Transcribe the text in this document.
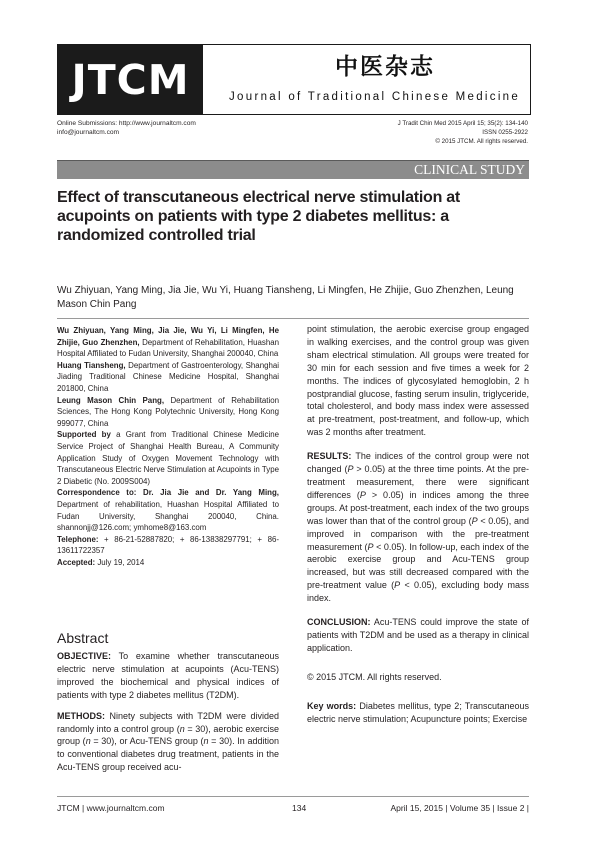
JTCM	中医杂志
Journal of Traditional Chinese Medicine
Online Submissions: http://www.journaltcm.com
info@journaltcm.com
J Tradit Chin Med 2015 April 15; 35(2): 134-140
ISSN 0255-2922
© 2015 JTCM. All rights reserved.
CLINICAL STUDY
Effect of transcutaneous electrical nerve stimulation at acupoints on patients with type 2 diabetes mellitus: a randomized controlled trial
Wu Zhiyuan, Yang Ming, Jia Jie, Wu Yi, Huang Tiansheng, Li Mingfen, He Zhijie, Guo Zhenzhen, Leung Mason Chin Pang

Wu Zhiyuan, Yang Ming, Jia Jie, Wu Yi, Li Mingfen, He Zhijie, Guo Zhenzhen, Department of Rehabilitation, Huashan Hospital Affiliated to Fudan University, Shanghai 200040, China

Huang Tiansheng, Department of Gastroenterology, Shanghai Jiading Traditional Chinese Medicine Hospital, Shanghai 201800, China

Leung Mason Chin Pang, Department of Rehabilitation Sciences, The Hong Kong Polytechnic University, Hong Kong 999077, China

Supported by a Grant from Traditional Chinese Medicine Service Project of Shanghai Health Bureau, A Community Application Study of Oxygen Movement Technology with Transcutaneous Electric Nerve Stimulation at Acupoints in Type 2 Diabetic (No. 2009S004)

Correspondence to: Dr. Jia Jie and Dr. Yang Ming, Department of rehabilitation, Huashan Hospital Affiliated to Fudan University, Shanghai 200040, China. shannonjj@126.com; ymhome8@163.com

Telephone: + 86-21-52887820; + 86-13838297791; + 86-13611722357

Accepted: July 19, 2014

Abstract

OBJECTIVE: To examine whether transcutaneous electric nerve stimulation at acupoints (Acu-TENS) improved the biochemical and physical indices of patients with type 2 diabetes mellitus (T2DM).

METHODS: Ninety subjects with T2DM were divided randomly into a control group (n = 30), aerobic exercise group (n = 30), or Acu-TENS group (n = 30). In addition to conventional diabetes drug treatment, patients in the Acu-TENS group received acu-

point stimulation, the aerobic exercise group engaged in walking exercises, and the control group was given sham electrical stimulation. All groups were treated for 30 min for each session and five times a week for 2 months. The indices of glycosylated hemoglobin, 2 h postprandial glucose, fasting serum insulin, triglyceride, total cholesterol, and body mass index were assessed at pre-treatment, post-treatment, and follow-up, which was 2 months after treatment.

RESULTS: The indices of the control group were not changed (P > 0.05) at the three time points. At the pre-treatment measurement, there were significant differences (P > 0.05) in indices among the three groups. At post-treatment, each index of the two groups was lower than that of the control group (P < 0.05), and improved in comparison with the pre-treatment measurement (P < 0.05). In follow-up, each index of the aerobic exercise group and Acu-TENS group increased, but was still decreased compared with the pre-treatment value (P < 0.05), excluding body mass index.

CONCLUSION: Acu-TENS could improve the state of patients with T2DM and be used as a therapy in clinical application.

© 2015 JTCM. All rights reserved.

Key words: Diabetes mellitus, type 2; Transcutaneous electric nerve stimulation; Acupuncture points; Exercise

JTCM | www.journaltcm.com	134	April 15, 2015 | Volume 35 | Issue 2 |
